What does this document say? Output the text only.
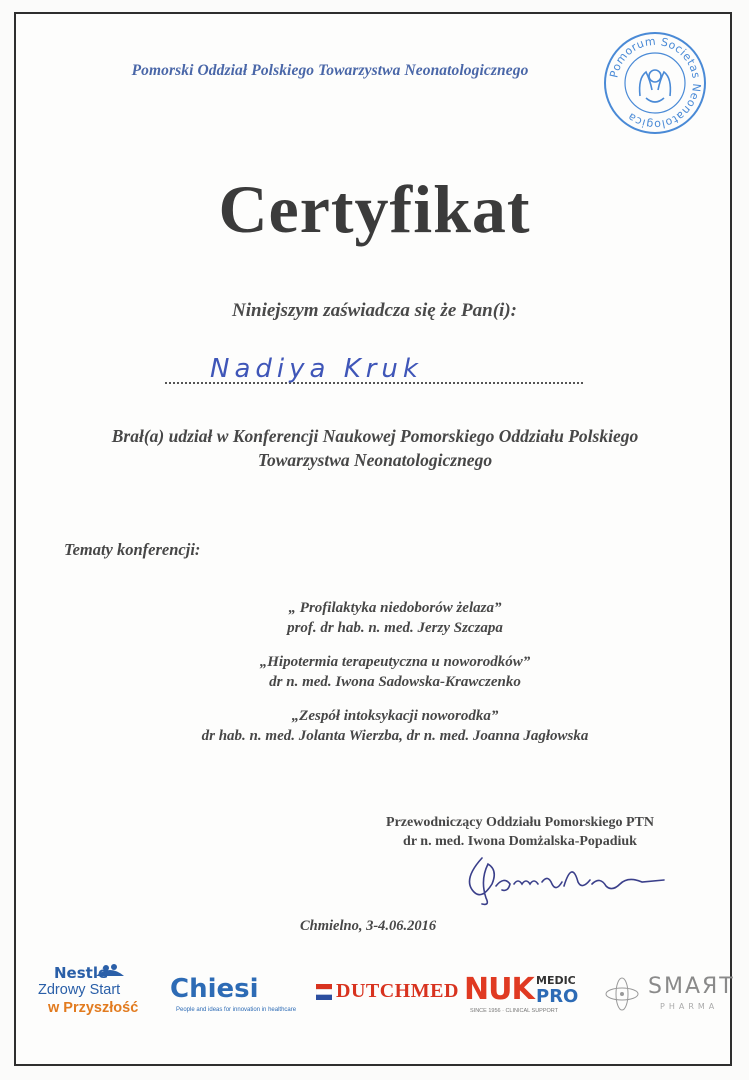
Pomorski Oddział Polskiego Towarzystwa Neonatologicznego	Pomorum Societas Neonatologica
Certyfikat
Niniejszym zaświadcza się że Pan(i):
Nadiya Kruk
Brał(a) udział w Konferencji Naukowej Pomorskiego Oddziału Polskiego
Towarzystwa Neonatologicznego
Tematy konferencji:
„ Profilaktyka niedoborów żelaza”
prof. dr hab. n. med. Jerzy Szczapa
„Hipotermia terapeutyczna u noworodków”
dr n. med. Iwona Sadowska-Krawczenko
„Zespół intoksykacji noworodka”
dr hab. n. med. Jolanta Wierzba, dr n. med. Joanna Jagłowska
Przewodniczący Oddziału Pomorskiego PTN
dr n. med. Iwona Domżalska-Popadiuk
Chmielno, 3-4.06.2016
Nestlé
Zdrowy Start
w Przyszłość
Chiesi
People and ideas for innovation in healthcare
DUTCHMED NUK MEDIC
PRO
SINCE 1956 · CLINICAL SUPPORT
SMAЯT
PHARMA
